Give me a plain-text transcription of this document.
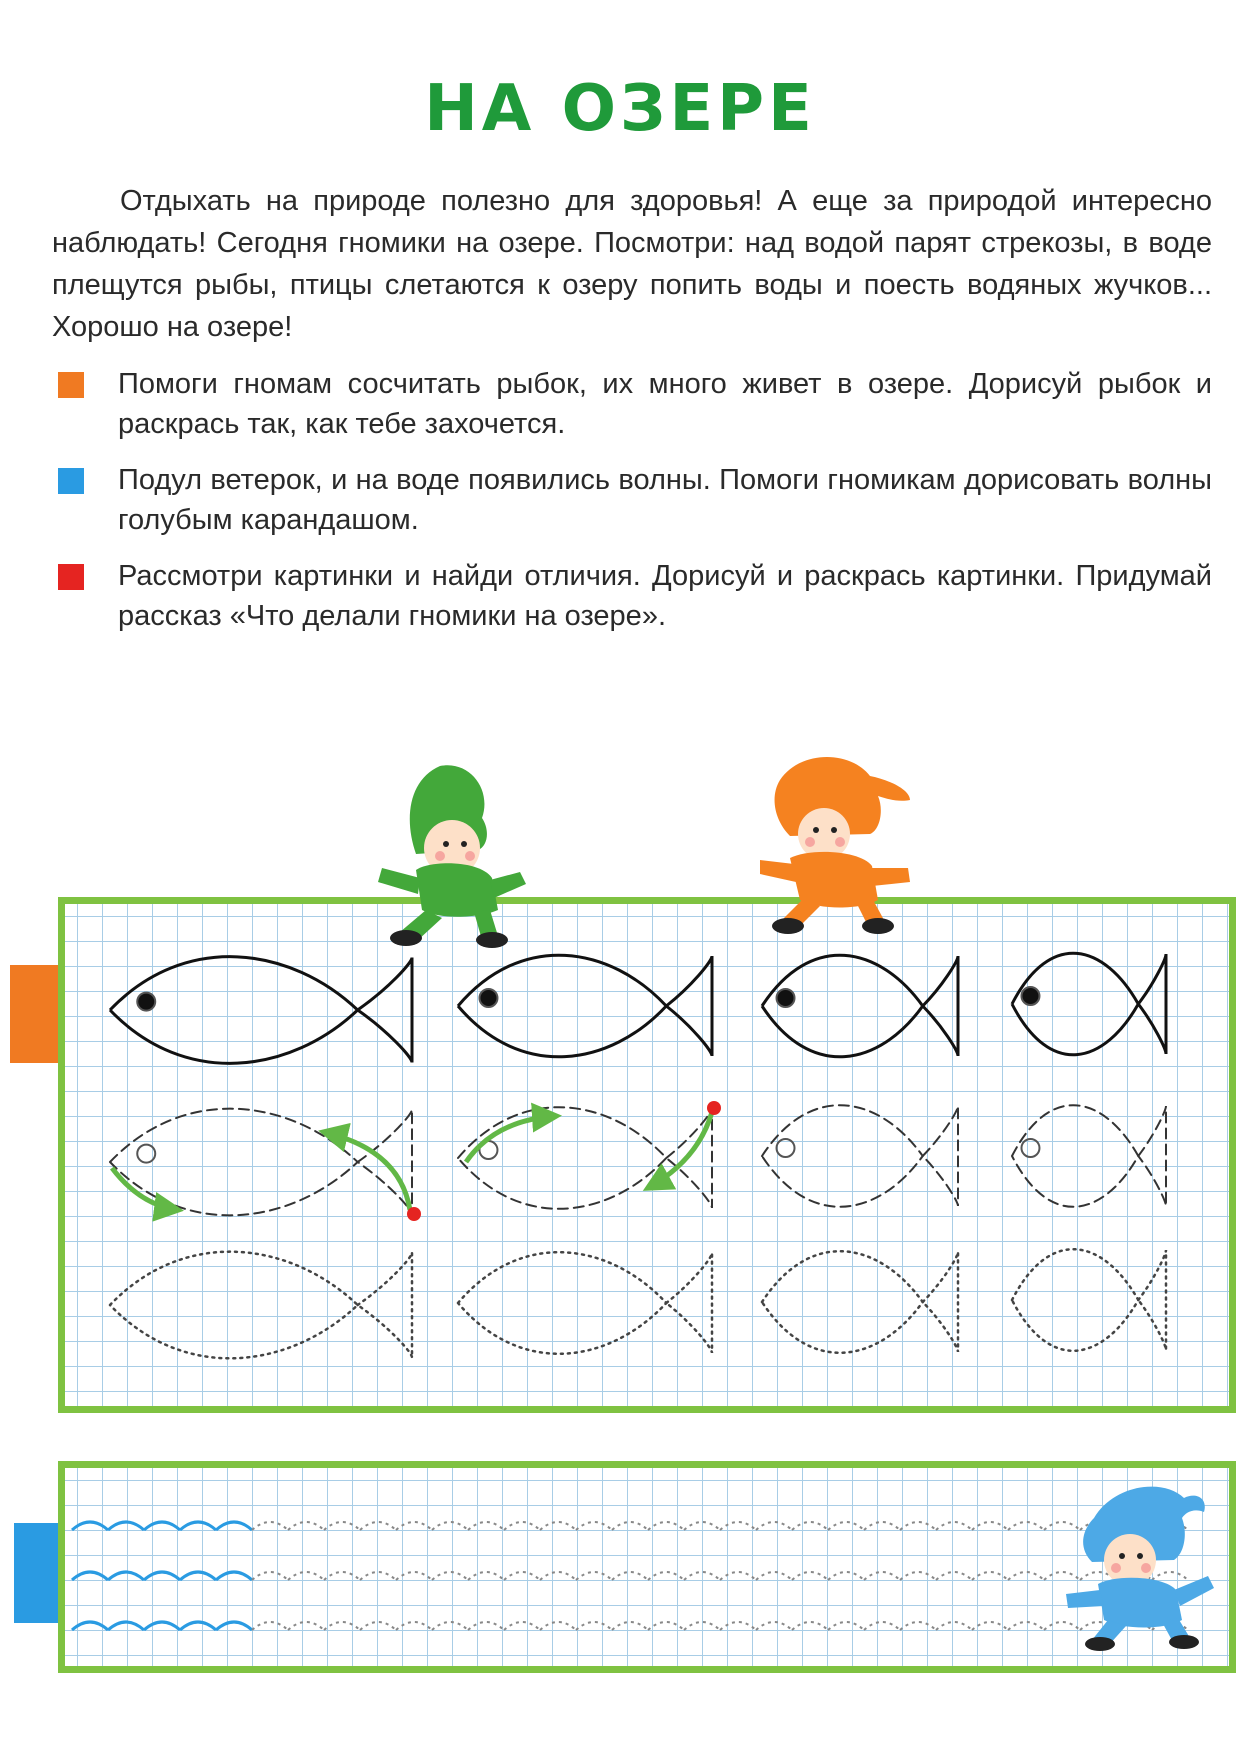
НА ОЗЕРЕ

Отдыхать на природе полезно для здоровья! А еще за природой интересно наблюдать! Сегодня гномики на озере. Посмотри: над водой парят стрекозы, в воде плещутся рыбы, птицы слетаются к озеру попить воды и поесть водяных жучков... Хорошо на озере!

Помоги гномам сосчитать рыбок, их много живет в озере. Дорисуй рыбок и раскрась так, как тебе захочется.
Подул ветерок, и на воде появились волны. Помоги гномикам дорисовать волны голубым карандашом.
Рассмотри картинки и найди отличия. Дорисуй и раскрась картинки. Придумай рассказ «Что делали гномики на озере».
